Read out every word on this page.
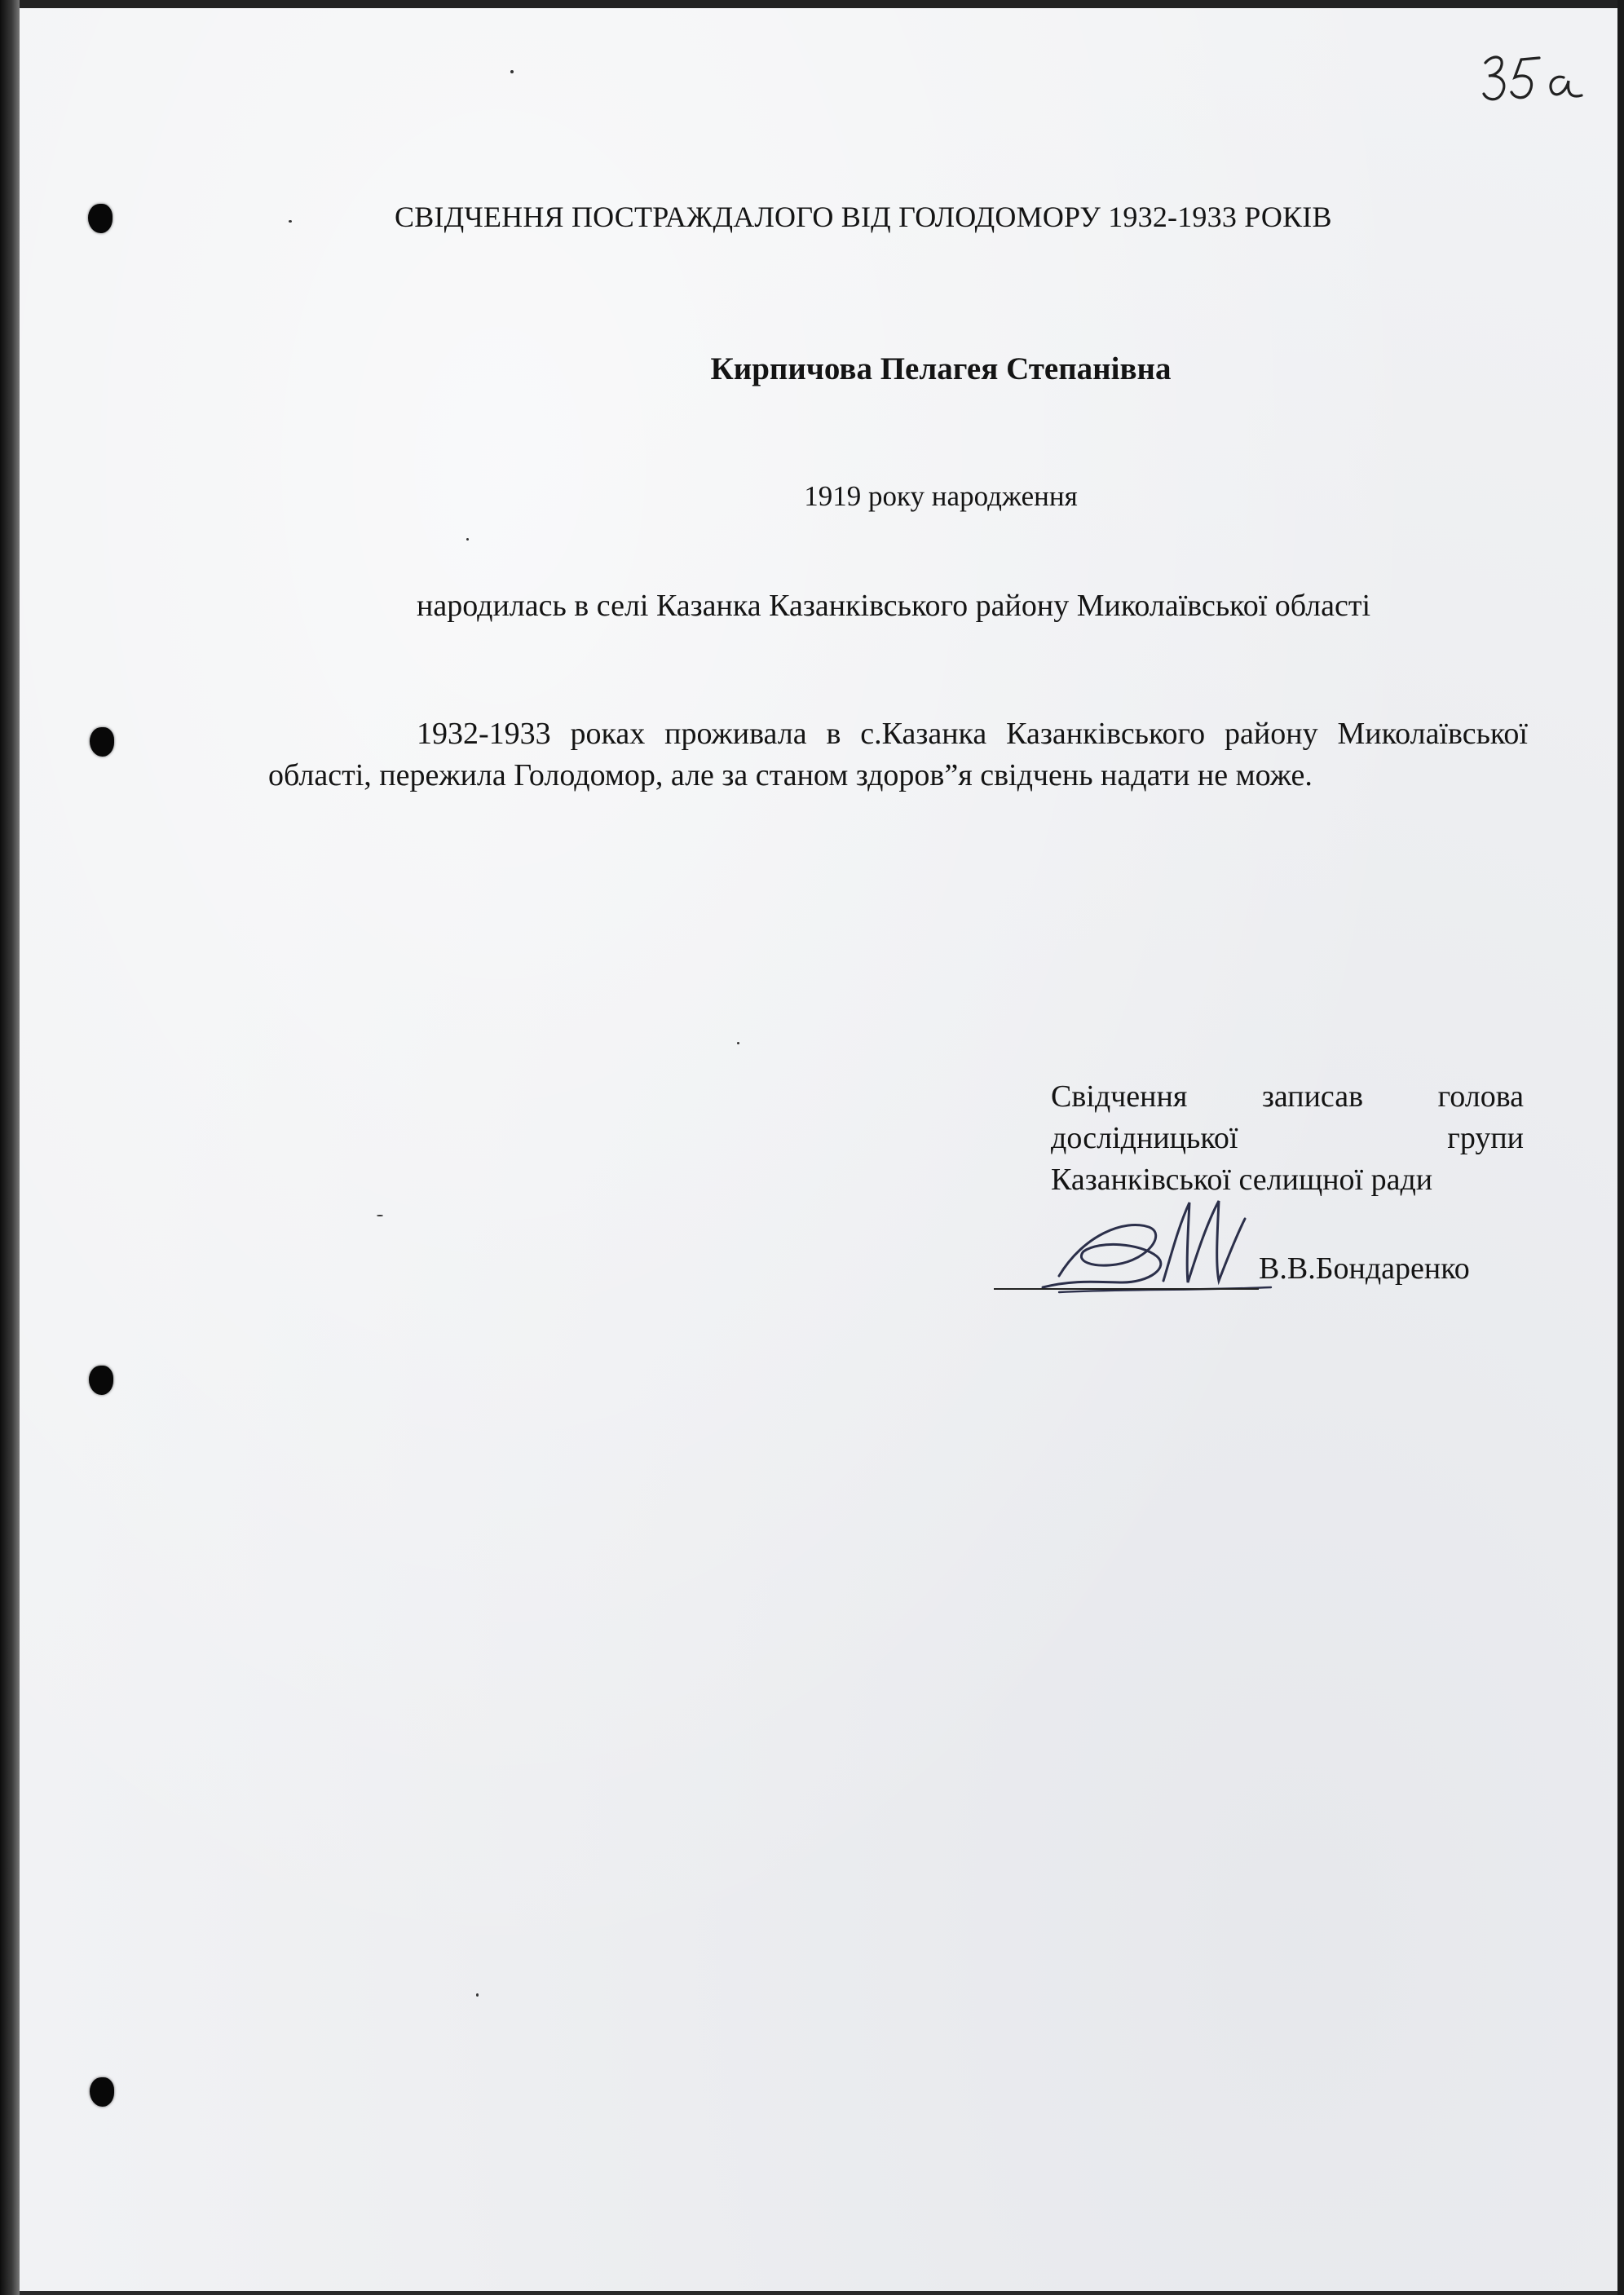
СВІДЧЕННЯ ПОСТРАЖДАЛОГО ВІД ГОЛОДОМОРУ 1932-1933 РОКІВ

Кирпичова Пелагея Степанівна

1919 року народження

народилась в селі Казанка Казанківського району Миколаївської області

1932-1933 роках проживала в с.Казанка Казанківського району Миколаївської області, пережила Голодомор, але за станом здоров”я свідчень надати не може.

Свідчення записав голова дослідницької групи

Казанківської селищної ради

В.В.Бондаренко
